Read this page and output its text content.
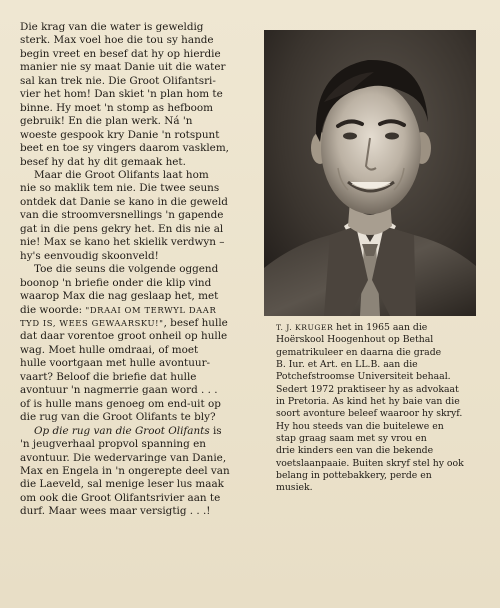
Die krag van die water is geweldig
sterk. Max voel hoe die tou sy hande
begin vreet en besef dat hy op hierdie
manier nie sy maat Danie uit die water
sal kan trek nie. Die Groot Olifantsri-
vier het hom! Dan skiet 'n plan hom te
binne. Hy moet 'n stomp as hefboom
gebruik! En die plan werk. Ná 'n
woeste gespook kry Danie 'n rotspunt
beet en toe sy vingers daarom vasklem,
besef hy dat hy dit gemaak het.

Maar die Groot Olifants laat hom
nie so maklik tem nie. Die twee seuns
ontdek dat Danie se kano in die geweld
van die stroomversnellings 'n gapende
gat in die pens gekry het. En dis nie al
nie! Max se kano het skielik verdwyn –
hy's eenvoudig skoonveld!

Toe die seuns die volgende oggend
boonop 'n briefie onder die klip vind
waarop Max die nag geslaap het, met
die woorde: "DRAAI OM TERWYL DAAR
TYD IS, WEES GEWAARSKU!", besef hulle
dat daar vorentoe groot onheil op hulle
wag. Moet hulle omdraai, of moet
hulle voortgaan met hulle avontuur-
vaart? Beloof die briefie dat hulle
avontuur 'n nagmerrie gaan word . . .
of is hulle mans genoeg om end-uit op
die rug van die Groot Olifants te bly?

Op die rug van die Groot Olifants is
'n jeugverhaal propvol spanning en
avontuur. Die wedervaringe van Danie,
Max en Engela in 'n ongerepte deel van
die Laeveld, sal menige leser lus maak
om ook die Groot Olifantsrivier aan te
durf. Maar wees maar versigtig . . .!

T. J. KRUGER het in 1965 aan die
Hoërskool Hoogenhout op Bethal
gematrikuleer en daarna die grade
B. Iur. et Art. en LL.B. aan die
Potchefstroomse Universiteit behaal.
Sedert 1972 praktiseer hy as advokaat
in Pretoria. As kind het hy baie van die
soort avonture beleef waaroor hy skryf.
Hy hou steeds van die buitelewe en
stap graag saam met sy vrou en
drie kinders een van die bekende
voetslaanpaaie. Buiten skryf stel hy ook
belang in pottebakkery, perde en
musiek.
